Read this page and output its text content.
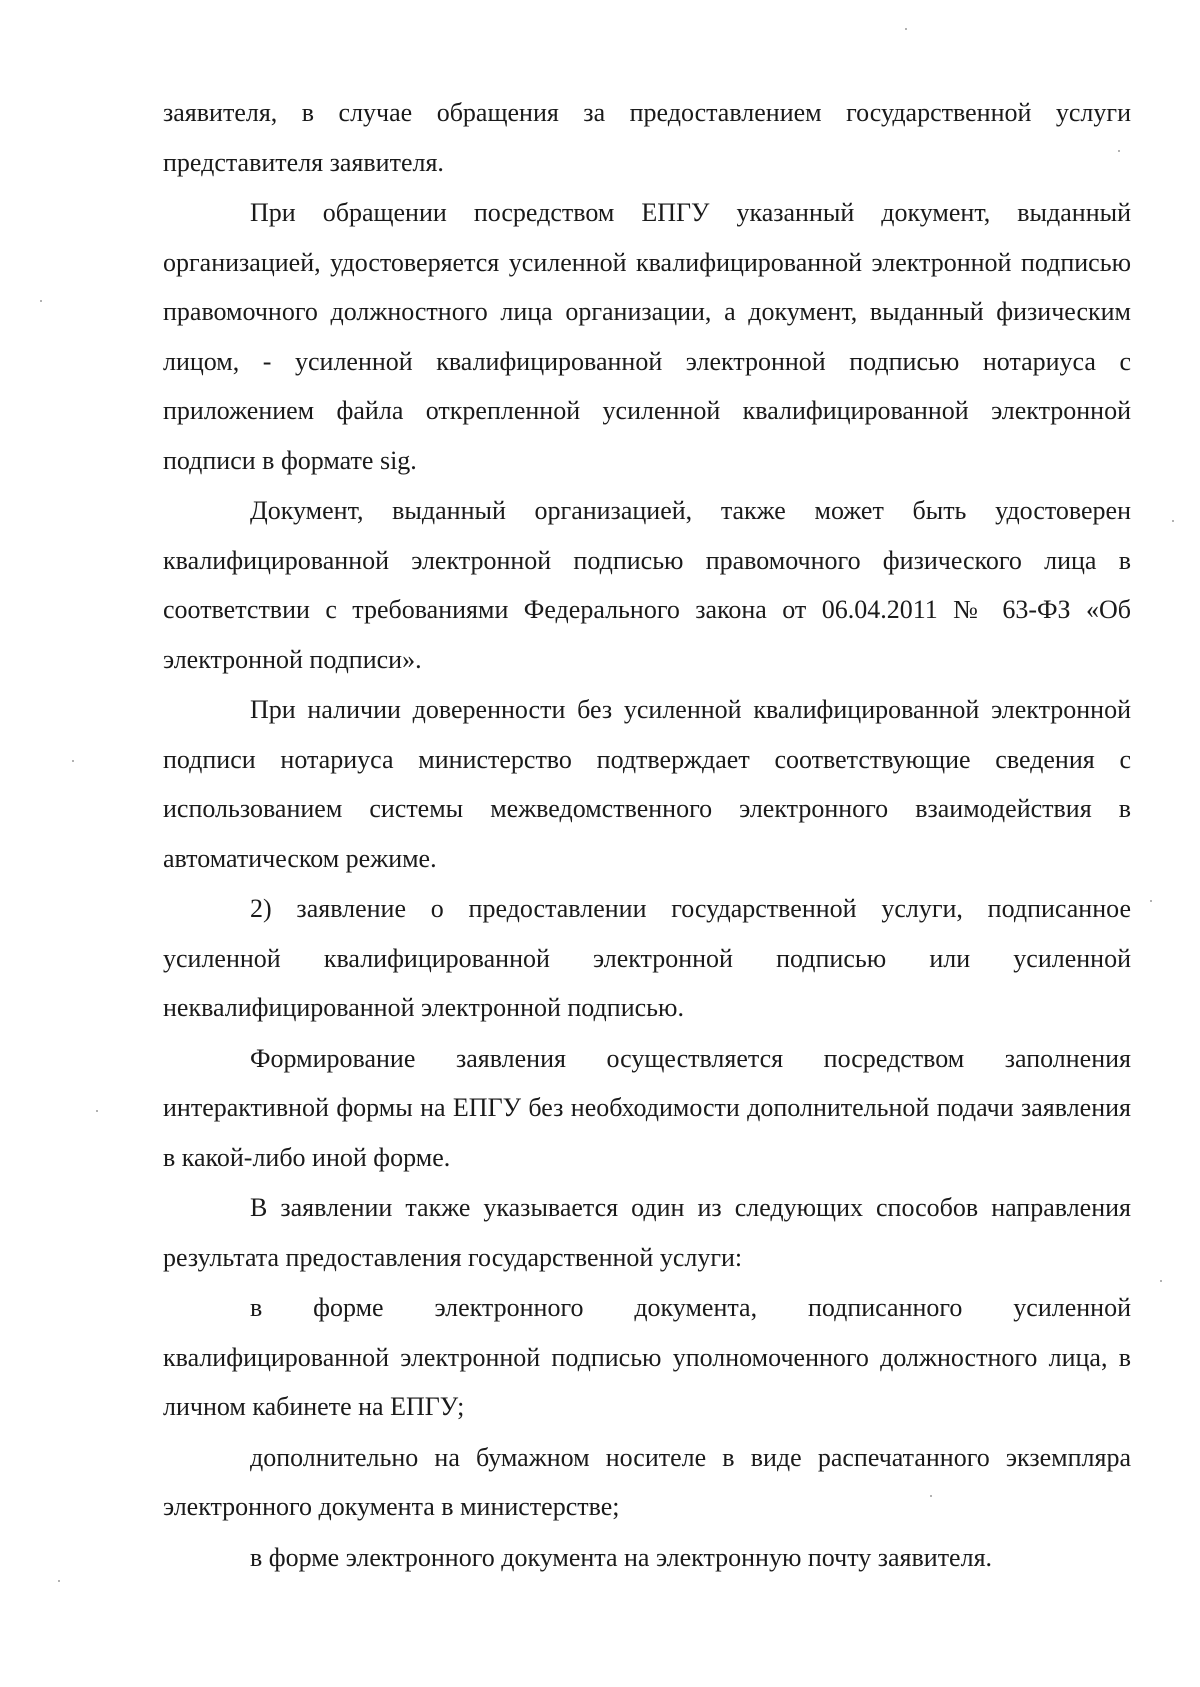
заявителя, в случае обращения за предоставлением государственной услуги представителя заявителя.

При обращении посредством ЕПГУ указанный документ, выданный организацией, удостоверяется усиленной квалифицированной электронной подписью правомочного должностного лица организации, а документ, выданный физическим лицом, - усиленной квалифицированной электронной подписью нотариуса с приложением файла открепленной усиленной квалифицированной электронной подписи в формате sig.

Документ, выданный организацией, также может быть удостоверен квалифицированной электронной подписью правомочного физического лица в соответствии с требованиями Федерального закона от 06.04.2011 № 63-ФЗ «Об электронной подписи».

При наличии доверенности без усиленной квалифицированной электронной подписи нотариуса министерство подтверждает соответствующие сведения с использованием системы межведомственного электронного взаимодействия в автоматическом режиме.

2) заявление о предоставлении государственной услуги, подписанное усиленной квалифицированной электронной подписью или усиленной неквалифицированной электронной подписью.

Формирование заявления осуществляется посредством заполнения интерактивной формы на ЕПГУ без необходимости дополнительной подачи заявления в какой-либо иной форме.

В заявлении также указывается один из следующих способов направления результата предоставления государственной услуги:

в форме электронного документа, подписанного усиленной квалифицированной электронной подписью уполномоченного должностного лица, в личном кабинете на ЕПГУ;

дополнительно на бумажном носителе в виде распечатанного экземпляра электронного документа в министерстве;

в форме электронного документа на электронную почту заявителя.
